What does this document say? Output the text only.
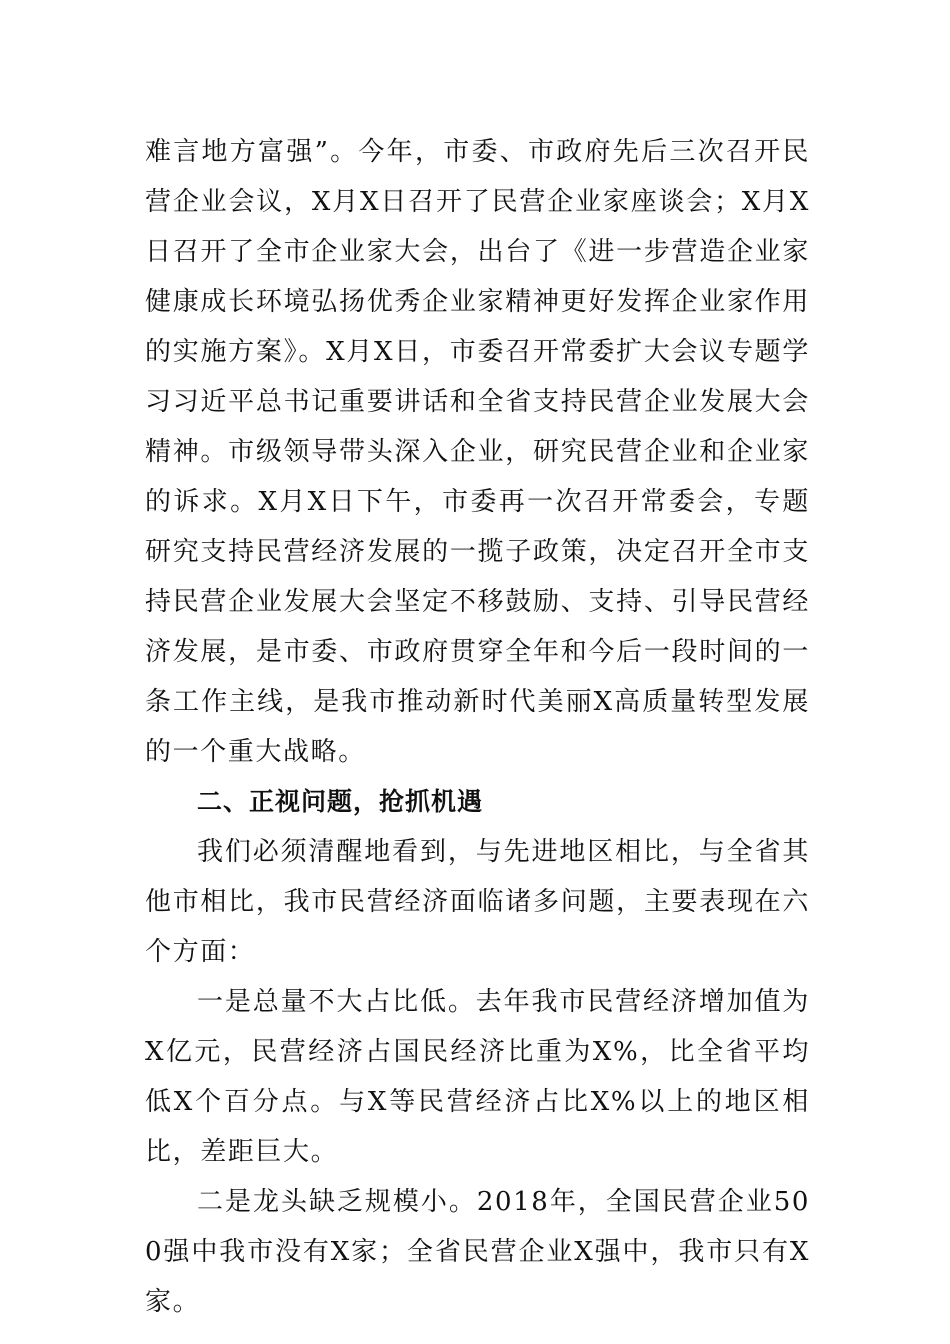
难言地方富强”。今年，市委、市政府先后三次召开民营企业会议，X月X日召开了民营企业家座谈会；X月X日召开了全市企业家大会，出台了《进一步营造企业家健康成长环境弘扬优秀企业家精神更好发挥企业家作用的实施方案》。X月X日，市委召开常委扩大会议专题学习习近平总书记重要讲话和全省支持民营企业发展大会精神。市级领导带头深入企业，研究民营企业和企业家的诉求。X月X日下午，市委再一次召开常委会，专题研究支持民营经济发展的一揽子政策，决定召开全市支持民营企业发展大会坚定不移鼓励、支持、引导民营经济发展，是市委、市政府贯穿全年和今后一段时间的一条工作主线，是我市推动新时代美丽X高质量转型发展的一个重大战略。

二、正视问题，抢抓机遇

我们必须清醒地看到，与先进地区相比，与全省其他市相比，我市民营经济面临诸多问题，主要表现在六个方面：

一是总量不大占比低。去年我市民营经济增加值为X亿元，民营经济占国民经济比重为X%，比全省平均低X个百分点。与X等民营经济占比X%以上的地区相比，差距巨大。

二是龙头缺乏规模小。2018年，全国民营企业500强中我市没有X家；全省民营企业X强中，我市只有X家。
